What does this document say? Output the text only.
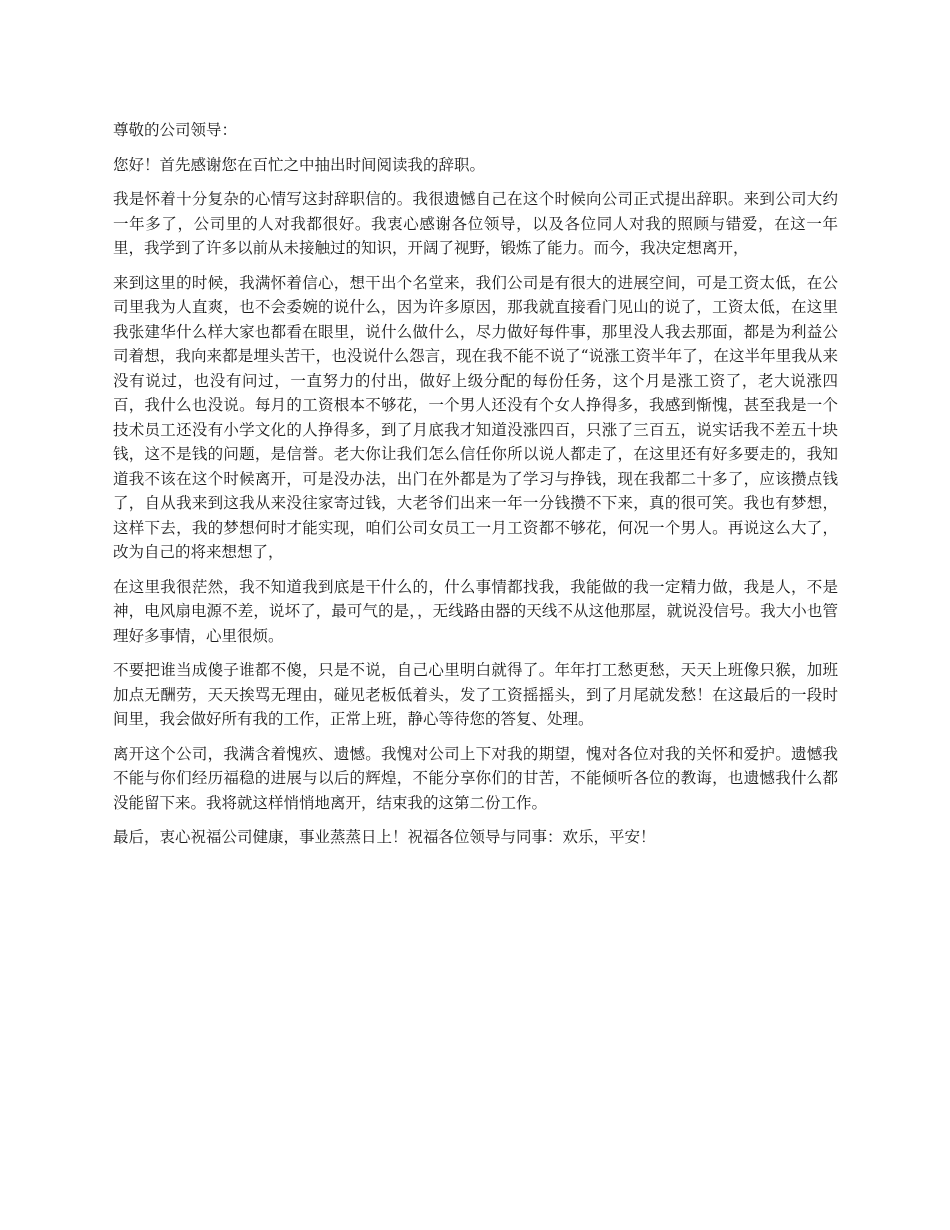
尊敬的公司领导：

您好！首先感谢您在百忙之中抽出时间阅读我的辞职。

我是怀着十分复杂的心情写这封辞职信的。我很遗憾自己在这个时候向公司正式提出辞职。来到公司大约一年多了，公司里的人对我都很好。我衷心感谢各位领导，以及各位同人对我的照顾与错爱，在这一年里，我学到了许多以前从未接触过的知识，开阔了视野，锻炼了能力。而今，我决定想离开，

来到这里的时候，我满怀着信心，想干出个名堂来，我们公司是有很大的进展空间，可是工资太低，在公司里我为人直爽，也不会委婉的说什么，因为许多原因，那我就直接看门见山的说了，工资太低，在这里我张建华什么样大家也都看在眼里，说什么做什么，尽力做好每件事，那里没人我去那面，都是为利益公司着想，我向来都是埋头苦干，也没说什么怨言，现在我不能不说了“说涨工资半年了，在这半年里我从来没有说过，也没有问过，一直努力的付出，做好上级分配的每份任务，这个月是涨工资了，老大说涨四百，我什么也没说。每月的工资根本不够花，一个男人还没有个女人挣得多，我感到惭愧，甚至我是一个技术员工还没有小学文化的人挣得多，到了月底我才知道没涨四百，只涨了三百五，说实话我不差五十块钱，这不是钱的问题，是信誉。老大你让我们怎么信任你所以说人都走了，在这里还有好多要走的，我知道我不该在这个时候离开，可是没办法，出门在外都是为了学习与挣钱，现在我都二十多了，应该攒点钱了，自从我来到这我从来没往家寄过钱，大老爷们出来一年一分钱攒不下来，真的很可笑。我也有梦想，这样下去，我的梦想何时才能实现，咱们公司女员工一月工资都不够花，何况一个男人。再说这么大了，改为自己的将来想想了，

在这里我很茫然，我不知道我到底是干什么的，什么事情都找我，我能做的我一定精力做，我是人，不是神，电风扇电源不差，说坏了，最可气的是，，无线路由器的天线不从这他那屋，就说没信号。我大小也管理好多事情，心里很烦。

不要把谁当成傻子谁都不傻，只是不说，自己心里明白就得了。年年打工愁更愁，天天上班像只猴，加班加点无酬劳，天天挨骂无理由，碰见老板低着头，发了工资摇摇头，到了月尾就发愁！在这最后的一段时间里，我会做好所有我的工作，正常上班，静心等待您的答复、处理。

离开这个公司，我满含着愧疚、遗憾。我愧对公司上下对我的期望，愧对各位对我的关怀和爱护。遗憾我不能与你们经历福稳的进展与以后的辉煌，不能分享你们的甘苦，不能倾听各位的教诲，也遗憾我什么都没能留下来。我将就这样悄悄地离开，结束我的这第二份工作。

最后，衷心祝福公司健康，事业蒸蒸日上！祝福各位领导与同事：欢乐，平安！
